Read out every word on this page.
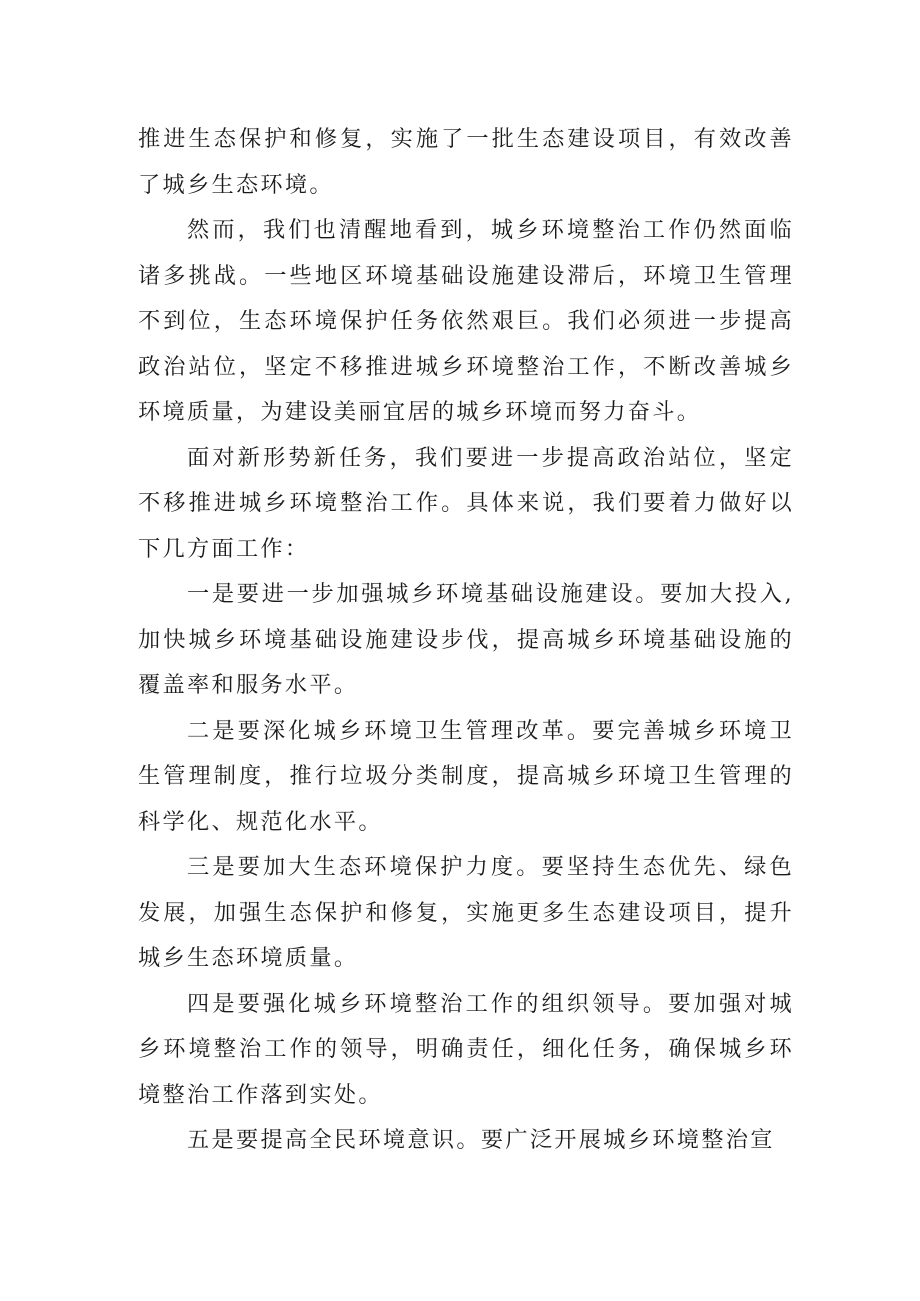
推进生态保护和修复，实施了一批生态建设项目，有效改善了城乡生态环境。

然而，我们也清醒地看到，城乡环境整治工作仍然面临诸多挑战。一些地区环境基础设施建设滞后，环境卫生管理不到位，生态环境保护任务依然艰巨。我们必须进一步提高政治站位，坚定不移推进城乡环境整治工作，不断改善城乡环境质量，为建设美丽宜居的城乡环境而努力奋斗。

面对新形势新任务，我们要进一步提高政治站位，坚定不移推进城乡环境整治工作。具体来说，我们要着力做好以下几方面工作：

一是要进一步加强城乡环境基础设施建设。要加大投入,加快城乡环境基础设施建设步伐，提高城乡环境基础设施的覆盖率和服务水平。

二是要深化城乡环境卫生管理改革。要完善城乡环境卫生管理制度，推行垃圾分类制度，提高城乡环境卫生管理的科学化、规范化水平。

三是要加大生态环境保护力度。要坚持生态优先、绿色发展，加强生态保护和修复，实施更多生态建设项目，提升城乡生态环境质量。

四是要强化城乡环境整治工作的组织领导。要加强对城乡环境整治工作的领导，明确责任，细化任务，确保城乡环境整治工作落到实处。

五是要提高全民环境意识。要广泛开展城乡环境整治宣
